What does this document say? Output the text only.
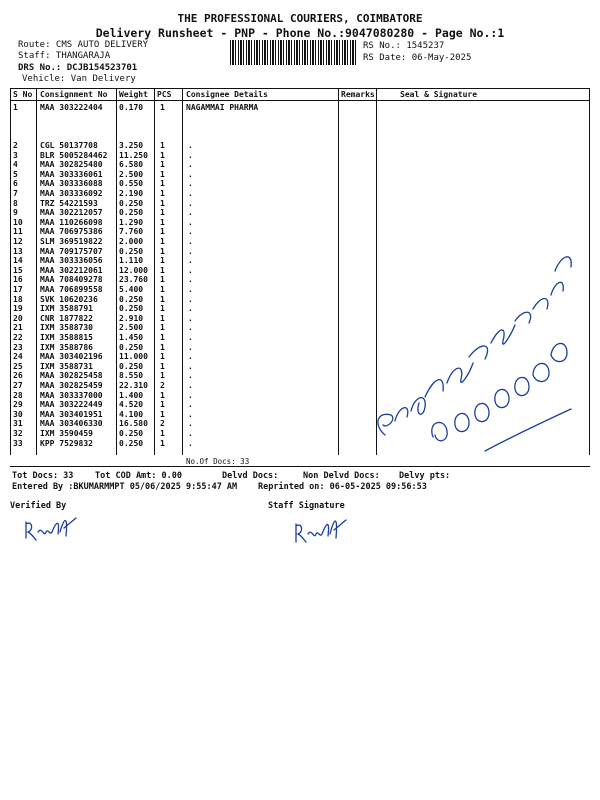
THE PROFESSIONAL COURIERS, COIMBATORE
Delivery Runsheet - PNP - Phone No.:9047080280 - Page No.:1
Route: CMS AUTO DELIVERY
Staff: THANGARAJA
DRS No.: DCJB154523701
Vehicle: Van Delivery
RS No.: 1545237
RS Date: 06-May-2025
S No Consignment No Weight PCS Consignee Details	Remarks	Seal & Signature
1	MAA 303222404 0.170 1	NAGAMMAI PHARMA
2	CGL 50137708	3.250 1	.
3	BLR 5005284462 11.250 1	.
4	MAA 302825480 6.580 1	.
5	MAA 303336061 2.500 1	.
6	MAA 303336088 0.550 1	.
7	MAA 303336092 2.190 1	.
8	TRZ 54221593	0.250 1	.
9	MAA 302212057 0.250 1	.
10 MAA 110266098 1.290 1	.
11 MAA 706975386 7.760 1	.
12 SLM 369519822 2.000 1	.
13 MAA 709175707 0.250 1	.
14 MAA 303336056 1.110 1	.
15 MAA 302212061 12.000 1	.
16 MAA 708409278 23.760 1	.
17 MAA 706899558 5.400 1	.
18 SVK 10620236	0.250 1	.
19 IXM 3588791	0.250 1	.
20 CNR 1877822	2.910 1	.
21 IXM 3588730	2.500 1	.
22 IXM 3588815	1.450 1	.
23 IXM 3588786	0.250 1	.
24 MAA 303402196 11.000 1	.
25 IXM 3588731	0.250 1	.
26 MAA 302825458 8.550 1	.
27 MAA 302825459 22.310 2	.
28 MAA 303337000 1.400 1	.
29 MAA 303222449 4.520 1	.
30 MAA 303401951 4.100 1	.
31 MAA 303406330 16.580 2	.
32 IXM 3590459	0.250 1	.
33 KPP 7529832	0.250 1	.
No.Of Docs: 33
Tot Docs: 33	Tot COD Amt: 0.00	Delvd Docs:	Non Delvd Docs: Delvy pts:
Entered By :BKUMARMMPT 05/06/2025 9:55:47 AM Reprinted on: 06-05-2025 09:56:53
Verified By	Staff Signature
